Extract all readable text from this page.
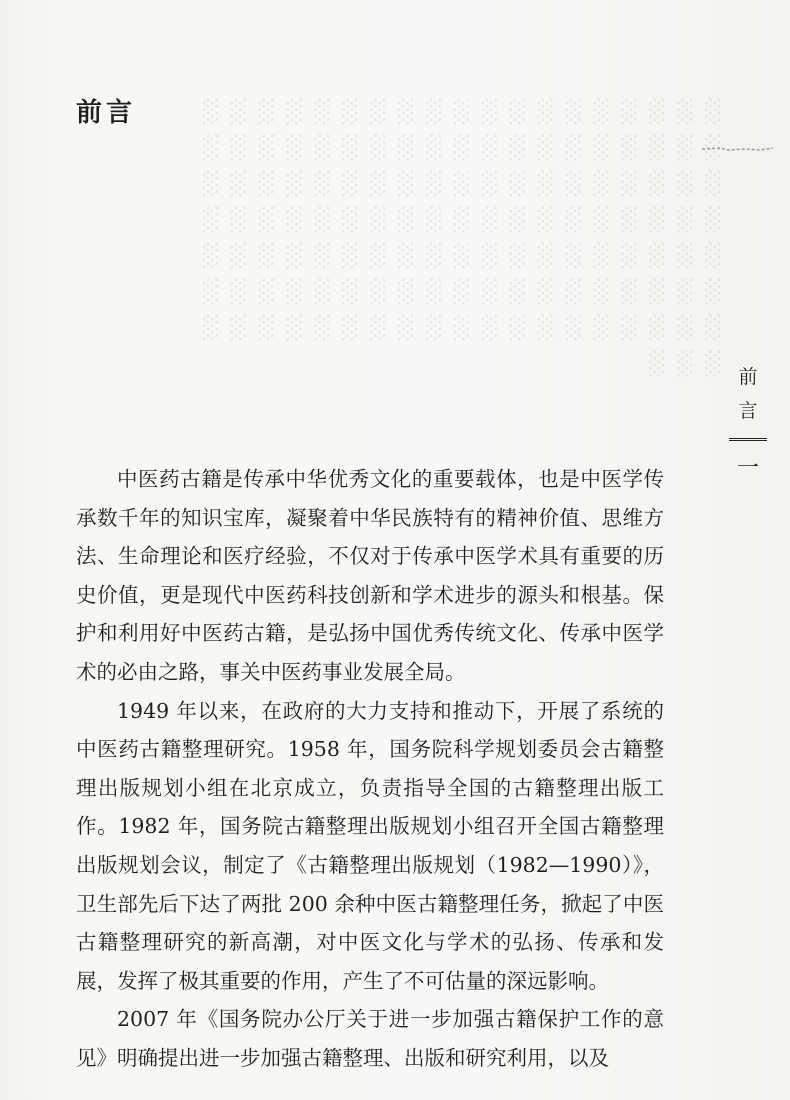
░ ░ ░ ░ ░ ░ ░ ░ ░ ░ ░ ░ ░ ░ ░ ░ ░ ░ ░ ░ ░ ░ ░ ░ ░ ░ ░ ░ ░ ░ ░ ░ ░ ░ ░ ░ ░ ░ ░ ░ ░ ░ ░ ░ ░ ░ ░ ░ ░ ░ ░ ░ ░ ░ ░ ░ ░ ░ ░ ░ ░ ░ ░ ░ ░ ░ ░ ░ ░ ░ ░ ░ ░ ░ ░ ░ ░ ░ ░ ░ ░ ░ ░ ░ ░ ░ ░ ░ ░ ░ ░ ░ ░ ░ ░ ░ ░ ░ ░ ░ ░ ░ ░ ░ ░ ░ ░ ░ ░ ░ ░ ░ ░ ░ ░ ░ ░ ░ ░ ░ ░ ░ ░ ░ ░ ░ ░ ░ ░ ░ ░ ░ ░ ░ ░ ░
前言

中医药古籍是传承中华优秀文化的重要载体，也是中医学传承数千年的知识宝库，凝聚着中华民族特有的精神价值、思维方法、生命理论和医疗经验，不仅对于传承中医学术具有重要的历史价值，更是现代中医药科技创新和学术进步的源头和根基。保护和利用好中医药古籍，是弘扬中国优秀传统文化、传承中医学术的必由之路，事关中医药事业发展全局。

1949 年以来，在政府的大力支持和推动下，开展了系统的中医药古籍整理研究。1958 年，国务院科学规划委员会古籍整理出版规划小组在北京成立，负责指导全国的古籍整理出版工作。1982 年，国务院古籍整理出版规划小组召开全国古籍整理出版规划会议，制定了《古籍整理出版规划（1982—1990）》，卫生部先后下达了两批 200 余种中医古籍整理任务，掀起了中医古籍整理研究的新高潮，对中医文化与学术的弘扬、传承和发展，发挥了极其重要的作用，产生了不可估量的深远影响。

2007 年《国务院办公厅关于进一步加强古籍保护工作的意见》明确提出进一步加强古籍整理、出版和研究利用，以及

前
言
一
